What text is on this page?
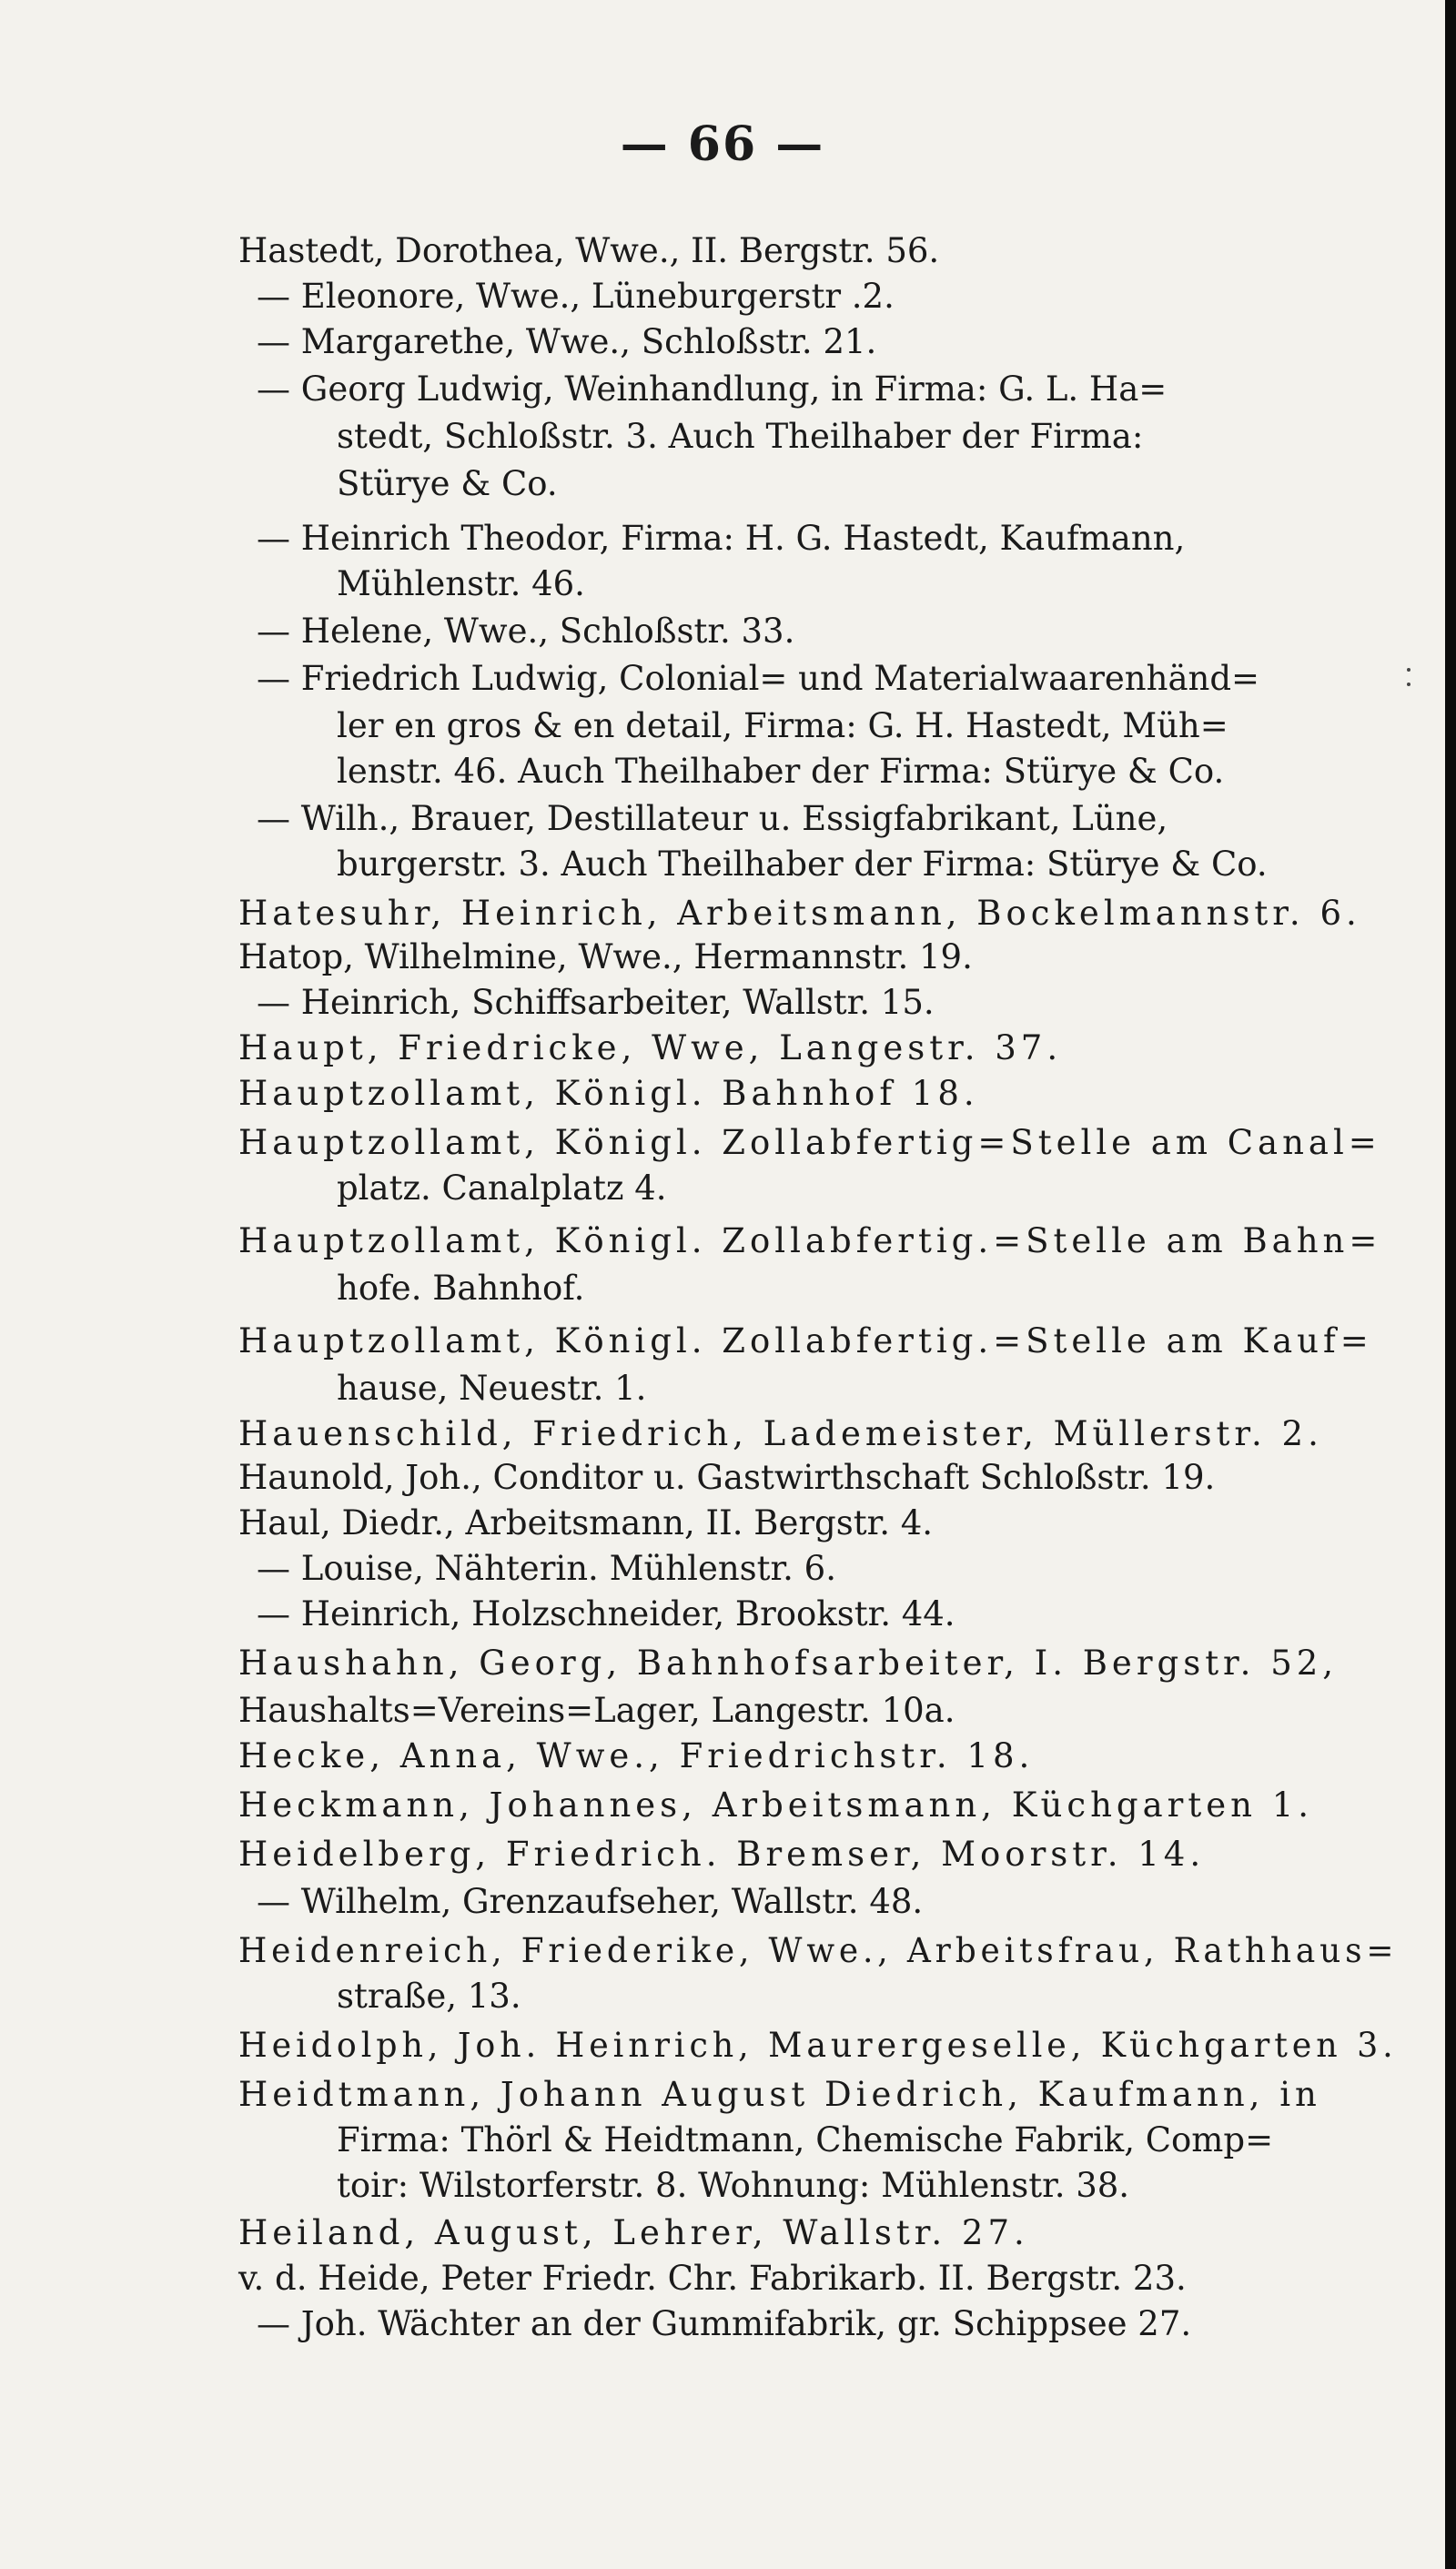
— 66 —
Hastedt, Dorothea, Wwe., II. Bergstr. 56.
— Eleonore, Wwe., Lüneburgerstr .2.
— Margarethe, Wwe., Schloßstr. 21.
— Georg Ludwig, Weinhandlung, in Firma: G. L. Ha=
stedt, Schloßstr. 3. Auch Theilhaber der Firma:
Stürye & Co.
— Heinrich Theodor, Firma: H. G. Hastedt, Kaufmann,
Mühlenstr. 46.
— Helene, Wwe., Schloßstr. 33.
— Friedrich Ludwig, Colonial= und Materialwaarenhänd=
ler en gros & en detail, Firma: G. H. Hastedt, Müh=
lenstr. 46. Auch Theilhaber der Firma: Stürye & Co.
— Wilh., Brauer, Destillateur u. Essigfabrikant, Lüne,
burgerstr. 3. Auch Theilhaber der Firma: Stürye & Co.
Hatesuhr, Heinrich, Arbeitsmann, Bockelmannstr. 6.
Hatop, Wilhelmine, Wwe., Hermannstr. 19.
— Heinrich, Schiffsarbeiter, Wallstr. 15.
Haupt, Friedricke, Wwe, Langestr. 37.
Hauptzollamt, Königl. Bahnhof 18.
Hauptzollamt, Königl. Zollabfertig=Stelle am Canal=
platz. Canalplatz 4.
Hauptzollamt, Königl. Zollabfertig.=Stelle am Bahn=
hofe. Bahnhof.
Hauptzollamt, Königl. Zollabfertig.=Stelle am Kauf=
hause, Neuestr. 1.
Hauenschild, Friedrich, Lademeister, Müllerstr. 2.
Haunold, Joh., Conditor u. Gastwirthschaft Schloßstr. 19.
Haul, Diedr., Arbeitsmann, II. Bergstr. 4.
— Louise, Nähterin. Mühlenstr. 6.
— Heinrich, Holzschneider, Brookstr. 44.
Haushahn, Georg, Bahnhofsarbeiter, I. Bergstr. 52,
Haushalts=Vereins=Lager, Langestr. 10a.
Hecke, Anna, Wwe., Friedrichstr. 18.
Heckmann, Johannes, Arbeitsmann, Küchgarten 1.
Heidelberg, Friedrich. Bremser, Moorstr. 14.
— Wilhelm, Grenzaufseher, Wallstr. 48.
Heidenreich, Friederike, Wwe., Arbeitsfrau, Rathhaus=
straße, 13.
Heidolph, Joh. Heinrich, Maurergeselle, Küchgarten 3.
Heidtmann, Johann August Diedrich, Kaufmann, in
Firma: Thörl & Heidtmann, Chemische Fabrik, Comp=
toir: Wilstorferstr. 8. Wohnung: Mühlenstr. 38.
Heiland, August, Lehrer, Wallstr. 27.
v. d. Heide, Peter Friedr. Chr. Fabrikarb. II. Bergstr. 23.
— Joh. Wächter an der Gummifabrik, gr. Schippsee 27.
